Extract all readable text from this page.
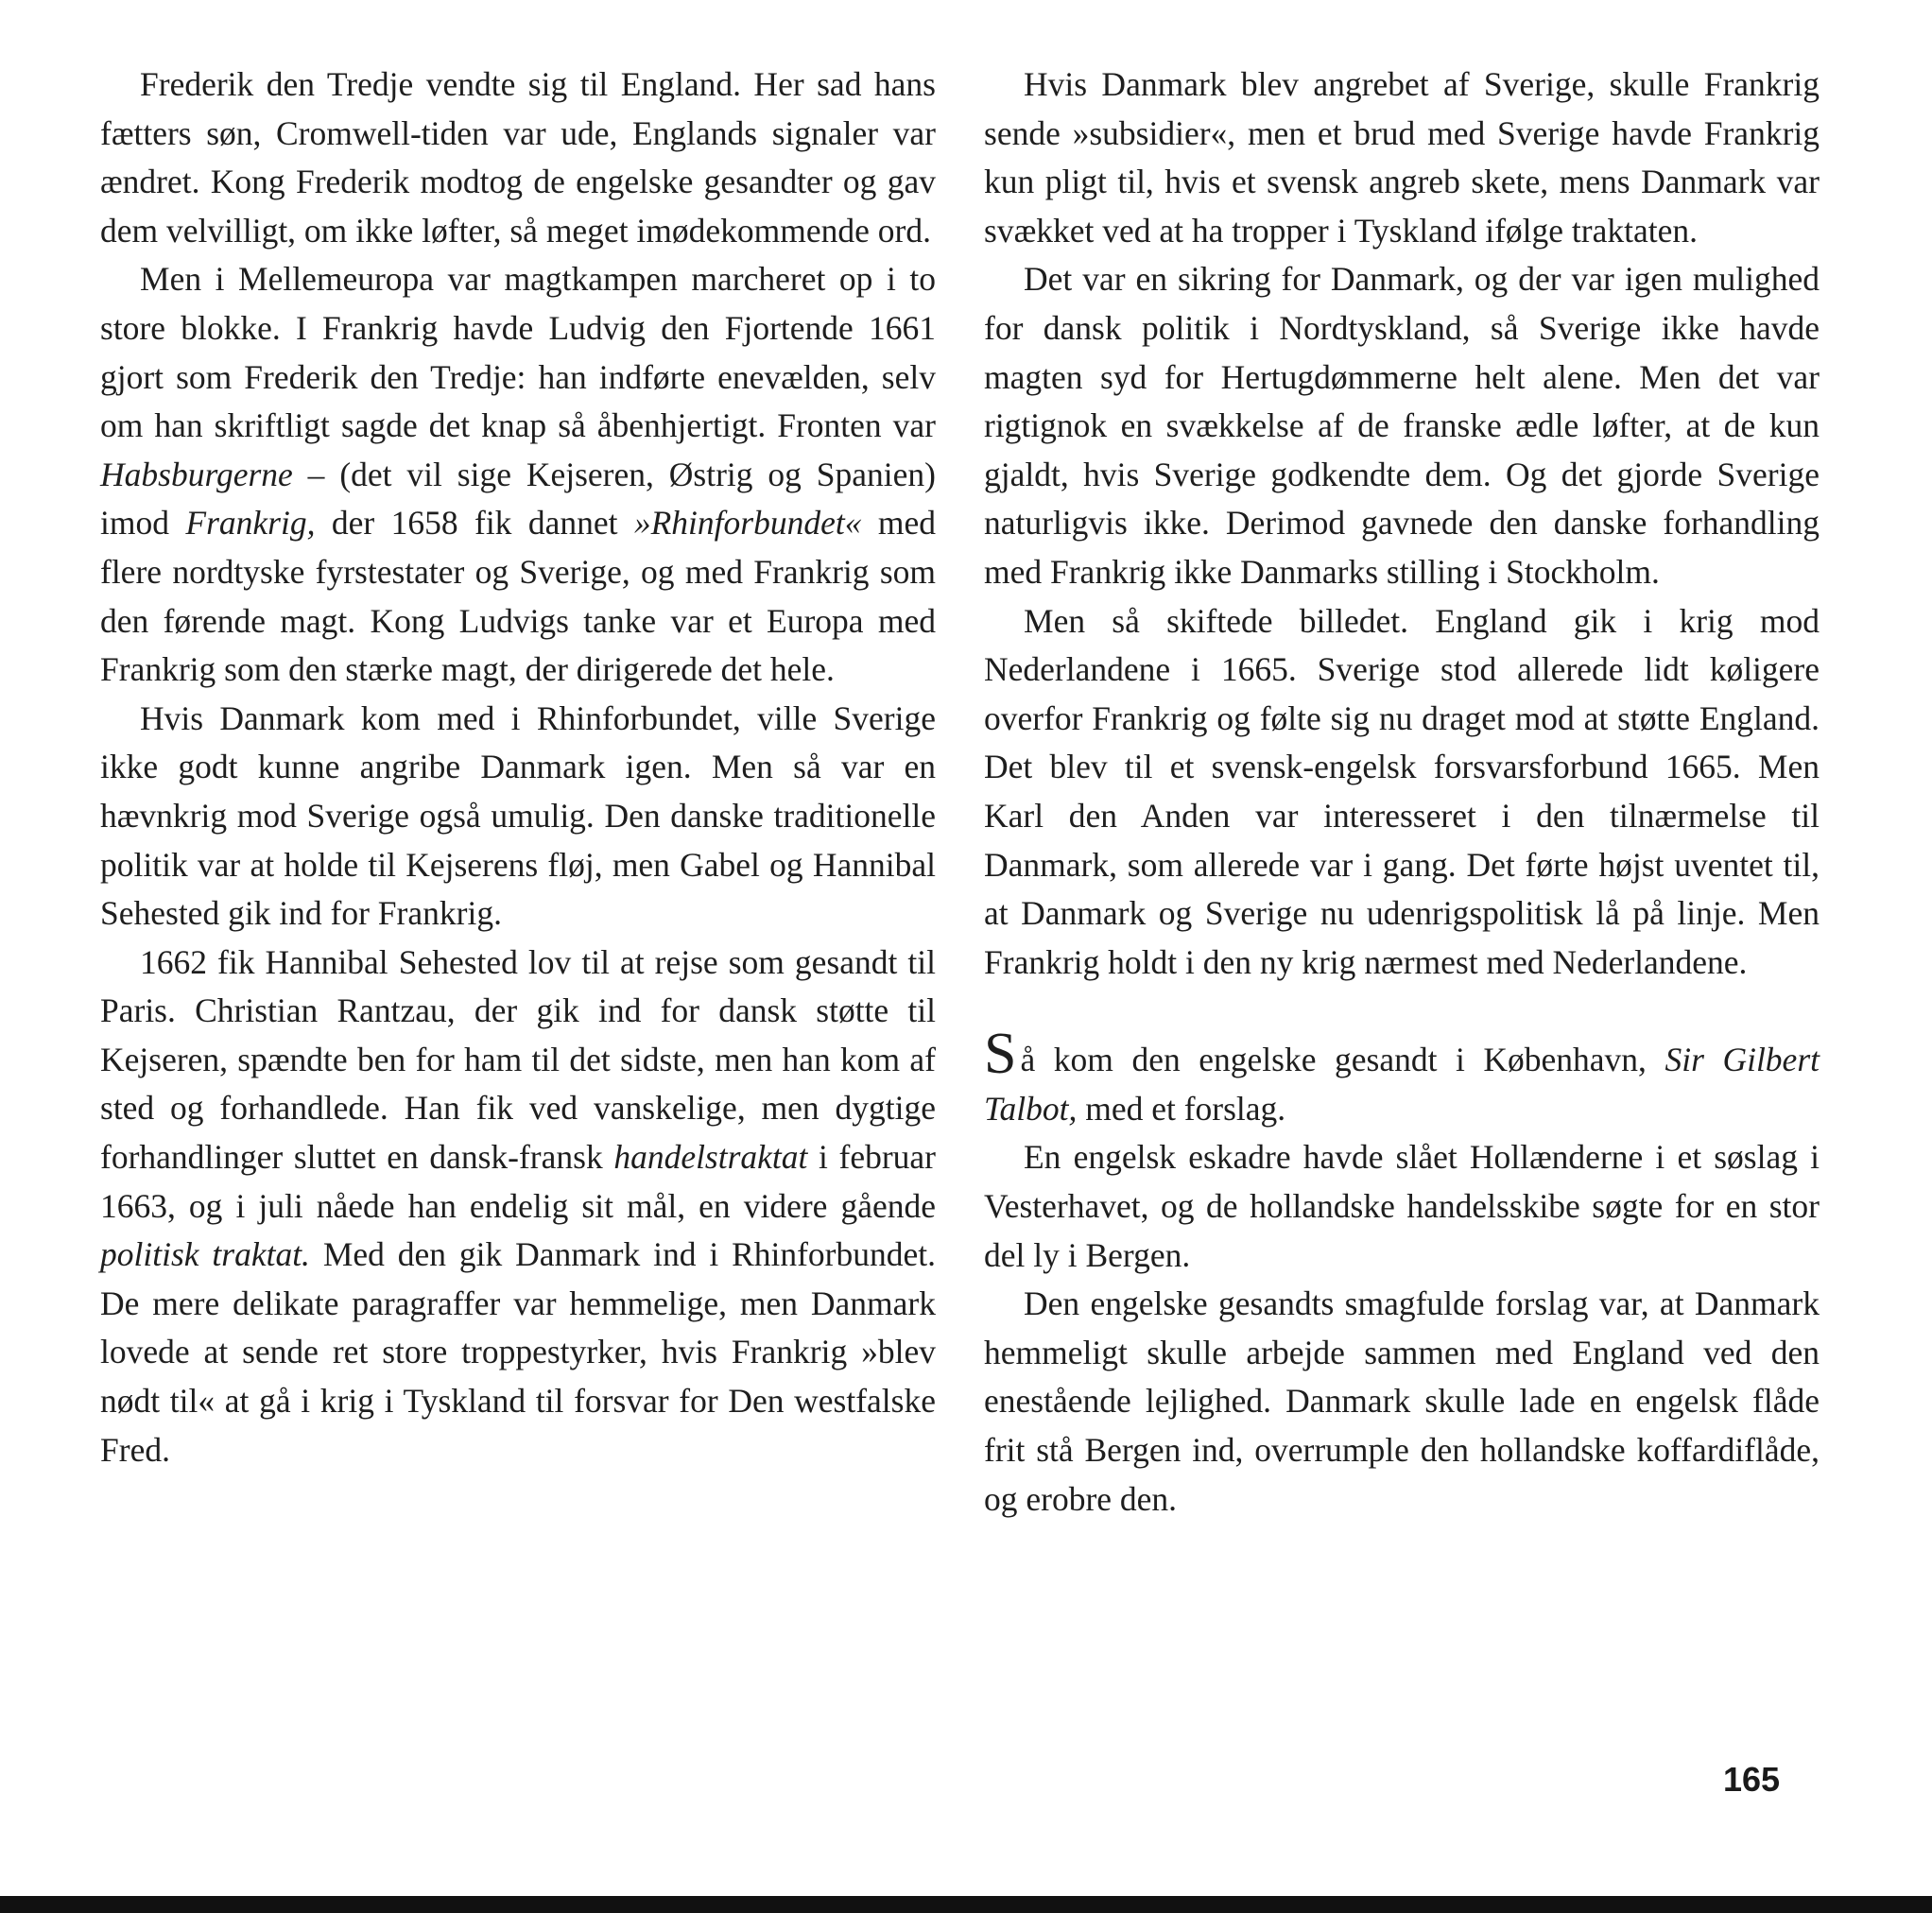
Frederik den Tredje vendte sig til England. Her sad hans fætters søn, Cromwell-tiden var ude, Englands signaler var ændret. Kong Frederik modtog de engelske gesandter og gav dem velvilligt, om ikke løfter, så meget imødekommende ord.

Men i Mellemeuropa var magtkampen marcheret op i to store blokke. I Frankrig havde Ludvig den Fjortende 1661 gjort som Frederik den Tredje: han indførte enevælden, selv om han skriftligt sagde det knap så åbenhjertigt. Fronten var Habsburgerne – (det vil sige Kejseren, Østrig og Spanien) imod Frankrig, der 1658 fik dannet »Rhinforbundet« med flere nordtyske fyrstestater og Sverige, og med Frankrig som den førende magt. Kong Ludvigs tanke var et Europa med Frankrig som den stærke magt, der dirigerede det hele.

Hvis Danmark kom med i Rhinforbundet, ville Sverige ikke godt kunne angribe Danmark igen. Men så var en hævnkrig mod Sverige også umulig. Den danske traditionelle politik var at holde til Kejserens fløj, men Gabel og Hannibal Sehested gik ind for Frankrig.

1662 fik Hannibal Sehested lov til at rejse som gesandt til Paris. Christian Rantzau, der gik ind for dansk støtte til Kejseren, spændte ben for ham til det sidste, men han kom af sted og forhandlede. Han fik ved vanskelige, men dygtige forhandlinger sluttet en dansk-fransk handelstraktat i februar 1663, og i juli nåede han endelig sit mål, en videre gående politisk traktat. Med den gik Danmark ind i Rhinforbundet. De mere delikate paragraffer var hemmelige, men Danmark lovede at sende ret store troppestyrker, hvis Frankrig »blev nødt til« at gå i krig i Tyskland til forsvar for Den westfalske Fred.

Hvis Danmark blev angrebet af Sverige, skulle Frankrig sende »subsidier«, men et brud med Sverige havde Frankrig kun pligt til, hvis et svensk angreb skete, mens Danmark var svækket ved at ha tropper i Tyskland ifølge traktaten.

Det var en sikring for Danmark, og der var igen mulighed for dansk politik i Nordtyskland, så Sverige ikke havde magten syd for Hertugdømmerne helt alene. Men det var rigtignok en svækkelse af de franske ædle løfter, at de kun gjaldt, hvis Sverige godkendte dem. Og det gjorde Sverige naturligvis ikke. Derimod gavnede den danske forhandling med Frankrig ikke Danmarks stilling i Stockholm.

Men så skiftede billedet. England gik i krig mod Nederlandene i 1665. Sverige stod allerede lidt køligere overfor Frankrig og følte sig nu draget mod at støtte England. Det blev til et svensk-engelsk forsvarsforbund 1665. Men Karl den Anden var interesseret i den tilnærmelse til Danmark, som allerede var i gang. Det førte højst uventet til, at Danmark og Sverige nu udenrigspolitisk lå på linje. Men Frankrig holdt i den ny krig nærmest med Nederlandene.

Så kom den engelske gesandt i København, Sir Gilbert Talbot, med et forslag.

En engelsk eskadre havde slået Hollænderne i et søslag i Vesterhavet, og de hollandske handelsskibe søgte for en stor del ly i Bergen.

Den engelske gesandts smagfulde forslag var, at Danmark hemmeligt skulle arbejde sammen med England ved den enestående lejlighed. Danmark skulle lade en engelsk flåde frit stå Bergen ind, overrumple den hollandske koffardiflåde, og erobre den.

165
